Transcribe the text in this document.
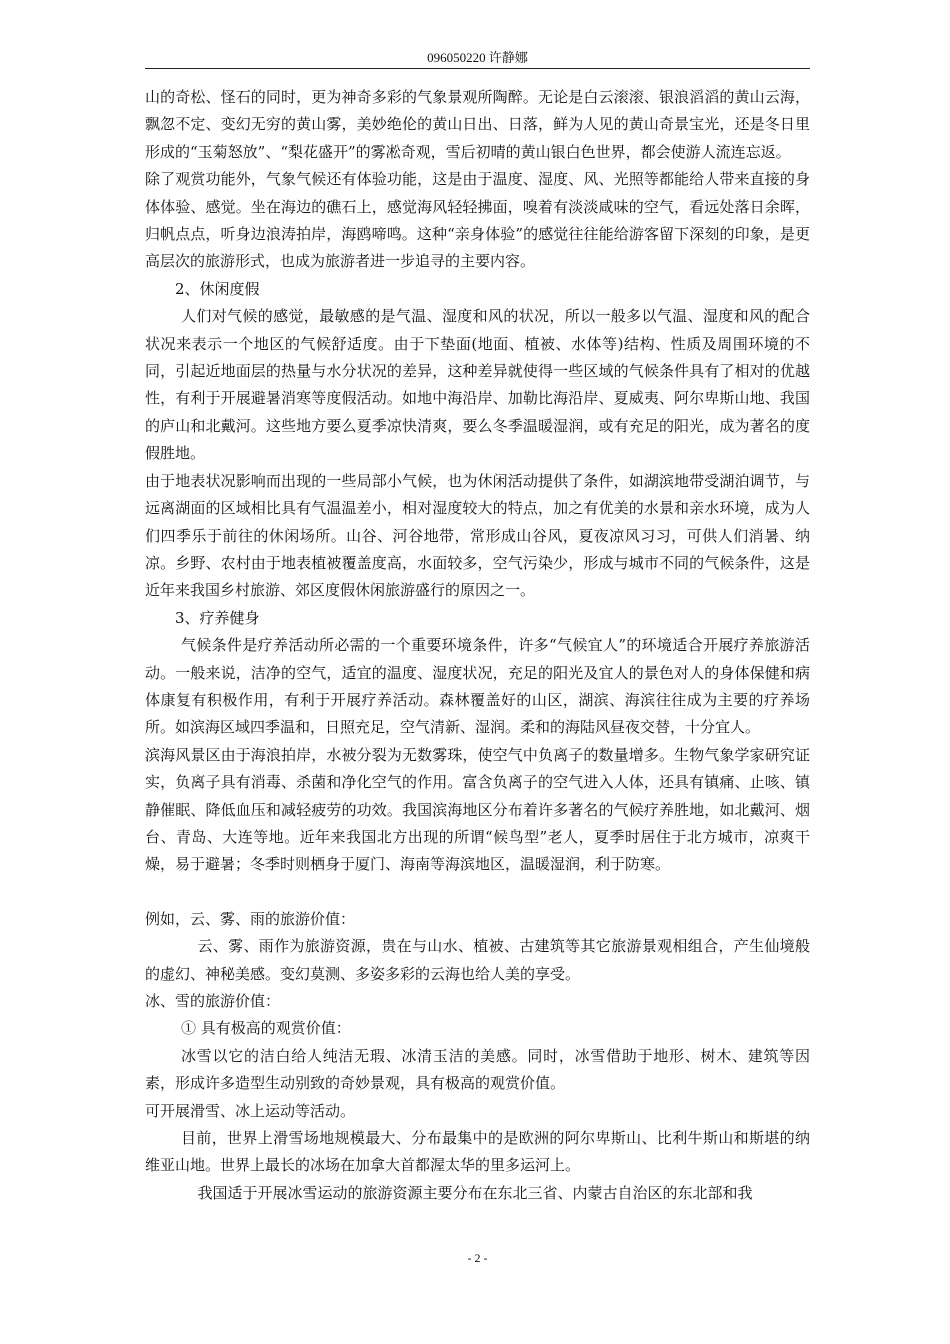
096050220 许静娜

山的奇松、怪石的同时，更为神奇多彩的气象景观所陶醉。无论是白云滚滚、银浪滔滔的黄山云海，飘忽不定、变幻无穷的黄山雾，美妙绝伦的黄山日出、日落，鲜为人见的黄山奇景宝光，还是冬日里形成的“玉菊怒放”、“梨花盛开”的雾凇奇观，雪后初晴的黄山银白色世界，都会使游人流连忘返。

除了观赏功能外，气象气候还有体验功能，这是由于温度、湿度、风、光照等都能给人带来直接的身体体验、感觉。坐在海边的礁石上，感觉海风轻轻拂面，嗅着有淡淡咸味的空气，看远处落日余晖，归帆点点，听身边浪涛拍岸，海鸥啼鸣。这种“亲身体验”的感觉往往能给游客留下深刻的印象，是更高层次的旅游形式，也成为旅游者进一步追寻的主要内容。

2、休闲度假

人们对气候的感觉，最敏感的是气温、湿度和风的状况，所以一般多以气温、湿度和风的配合状况来表示一个地区的气候舒适度。由于下垫面(地面、植被、水体等)结构、性质及周围环境的不同，引起近地面层的热量与水分状况的差异，这种差异就使得一些区域的气候条件具有了相对的优越性，有利于开展避暑消寒等度假活动。如地中海沿岸、加勒比海沿岸、夏威夷、阿尔卑斯山地、我国的庐山和北戴河。这些地方要么夏季凉快清爽，要么冬季温暖湿润，或有充足的阳光，成为著名的度假胜地。

由于地表状况影响而出现的一些局部小气候，也为休闲活动提供了条件，如湖滨地带受湖泊调节，与远离湖面的区域相比具有气温温差小，相对湿度较大的特点，加之有优美的水景和亲水环境，成为人们四季乐于前往的休闲场所。山谷、河谷地带，常形成山谷风，夏夜凉风习习，可供人们消暑、纳凉。乡野、农村由于地表植被覆盖度高，水面较多，空气污染少，形成与城市不同的气候条件，这是近年来我国乡村旅游、郊区度假休闲旅游盛行的原因之一。

3、疗养健身

气候条件是疗养活动所必需的一个重要环境条件，许多“气候宜人”的环境适合开展疗养旅游活动。一般来说，洁净的空气，适宜的温度、湿度状况，充足的阳光及宜人的景色对人的身体保健和病体康复有积极作用，有利于开展疗养活动。森林覆盖好的山区，湖滨、海滨往往成为主要的疗养场所。如滨海区域四季温和，日照充足，空气清新、湿润。柔和的海陆风昼夜交替，十分宜人。

滨海风景区由于海浪拍岸，水被分裂为无数雾珠，使空气中负离子的数量增多。生物气象学家研究证实，负离子具有消毒、杀菌和净化空气的作用。富含负离子的空气进入人体，还具有镇痛、止咳、镇静催眠、降低血压和减轻疲劳的功效。我国滨海地区分布着许多著名的气候疗养胜地，如北戴河、烟台、青岛、大连等地。近年来我国北方出现的所谓“候鸟型”老人，夏季时居住于北方城市，凉爽干燥，易于避暑；冬季时则栖身于厦门、海南等海滨地区，温暖湿润，利于防寒。

例如，云、雾、雨的旅游价值：

云、雾、雨作为旅游资源，贵在与山水、植被、古建筑等其它旅游景观相组合，产生仙境般的虚幻、神秘美感。变幻莫测、多姿多彩的云海也给人美的享受。

冰、雪的旅游价值：

① 具有极高的观赏价值：

冰雪以它的洁白给人纯洁无瑕、冰清玉洁的美感。同时，冰雪借助于地形、树木、建筑等因素，形成许多造型生动别致的奇妙景观，具有极高的观赏价值。

可开展滑雪、冰上运动等活动。

目前，世界上滑雪场地规模最大、分布最集中的是欧洲的阿尔卑斯山、比利牛斯山和斯堪的纳维亚山地。世界上最长的冰场在加拿大首都渥太华的里多运河上。

我国适于开展冰雪运动的旅游资源主要分布在东北三省、内蒙古自治区的东北部和我

- 2 -
